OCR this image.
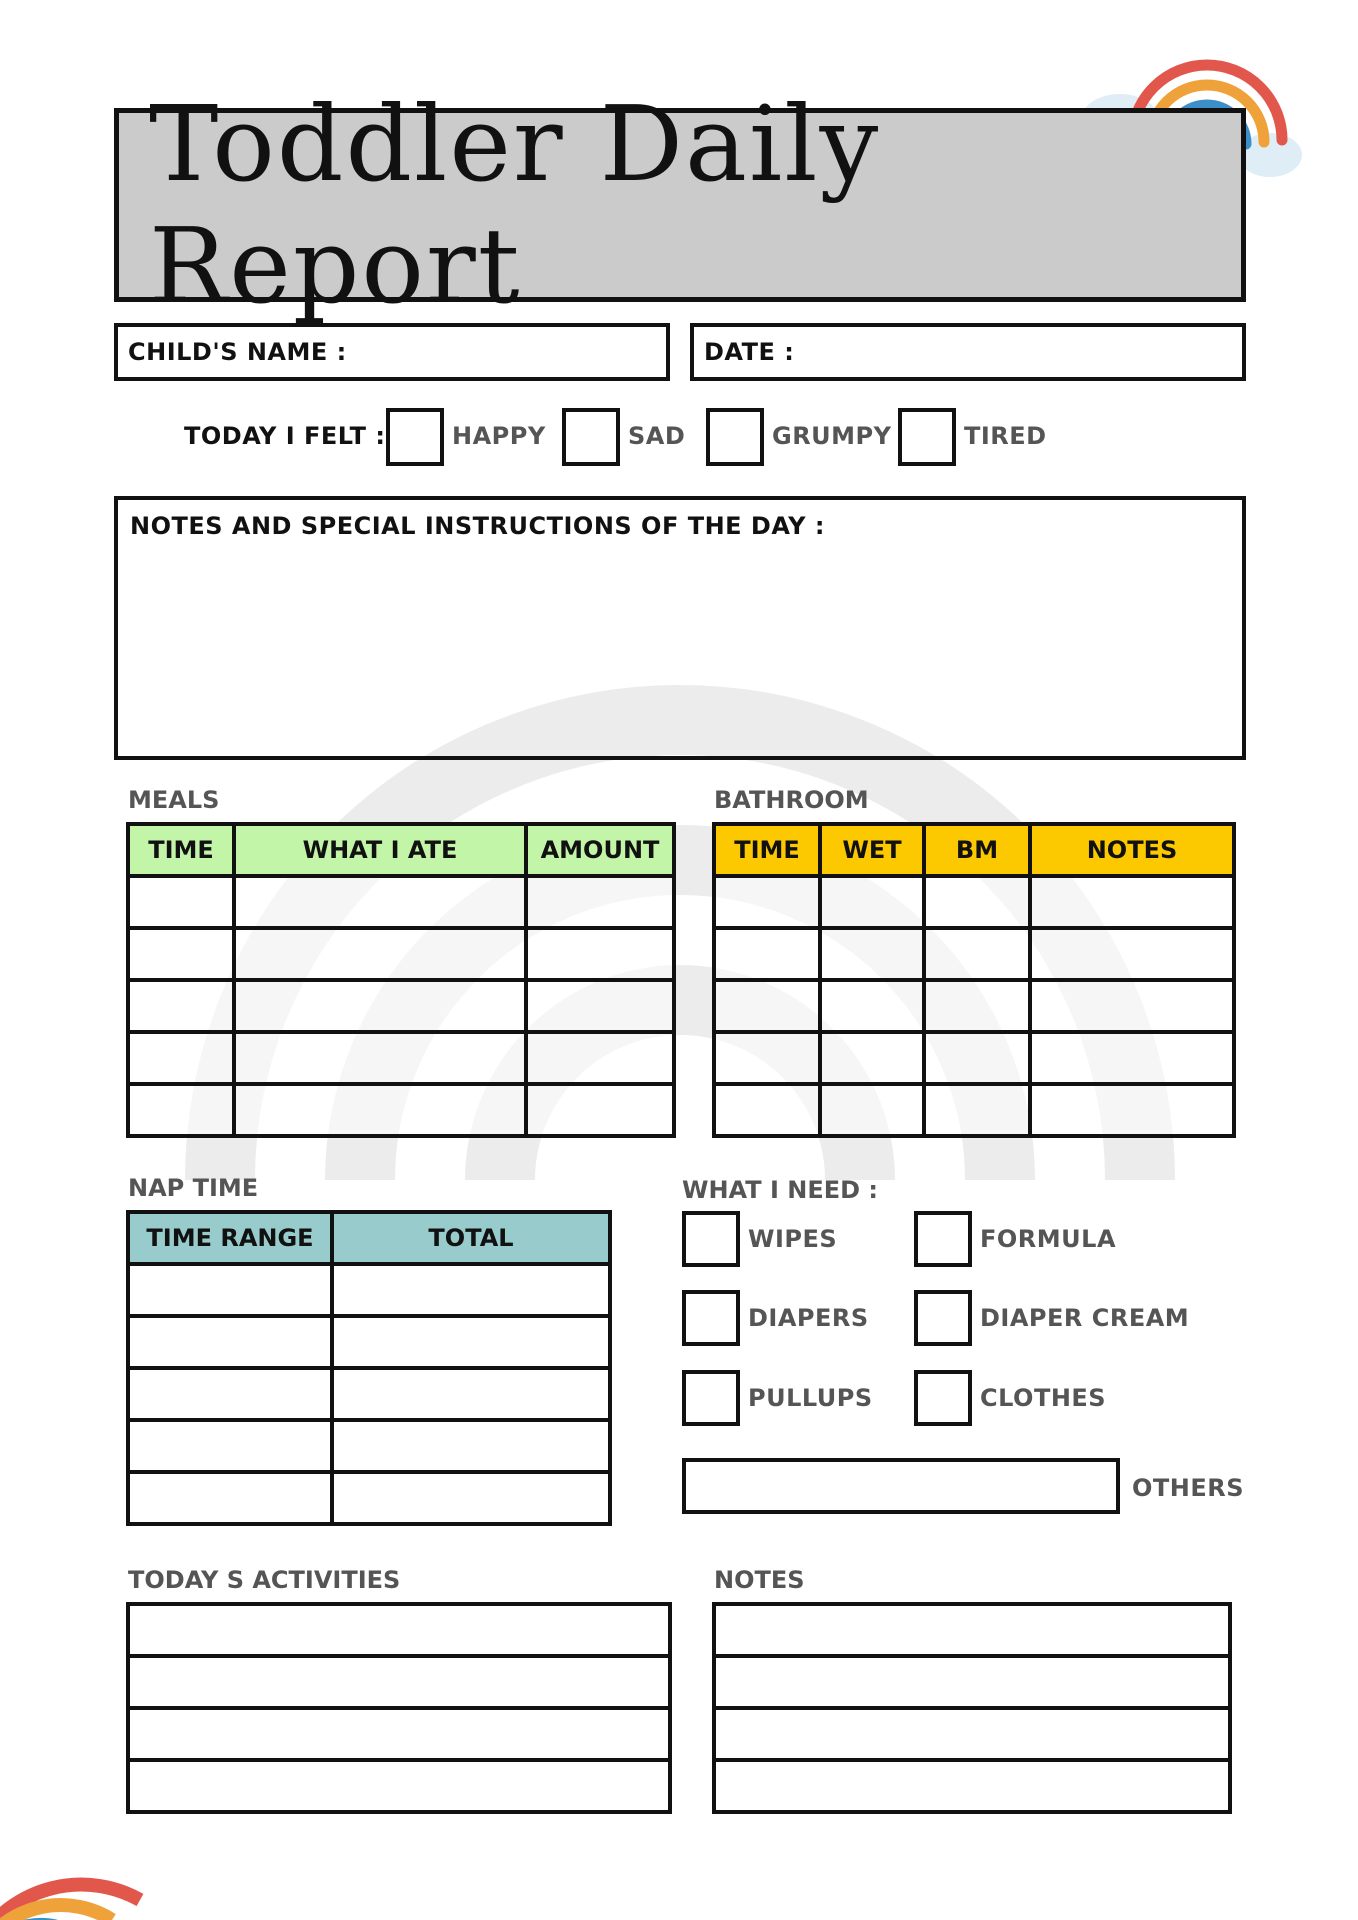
Toddler Daily Report
CHILD'S NAME :	DATE :
TODAY I FELT :	HAPPY	SAD	GRUMPY	TIRED
NOTES AND SPECIAL INSTRUCTIONS OF THE DAY :
MEALS
TIME	WHAT I ATE	AMOUNT

BATHROOM
TIME	WET	BM	NOTES

NAP TIME
TIME RANGE	TOTAL

WHAT I NEED :
WIPES	FORMULA
DIAPERS	DIAPER CREAM
PULLUPS	CLOTHES
OTHERS
TODAY S ACTIVITIES	NOTES
